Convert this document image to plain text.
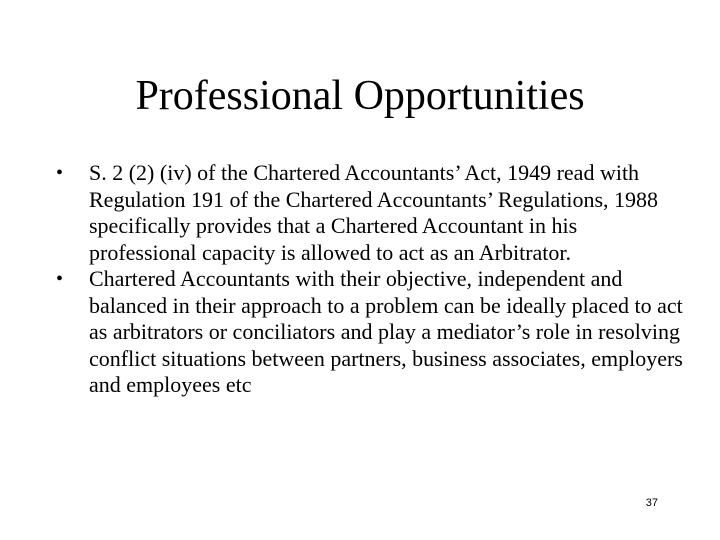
Professional Opportunities
• S. 2 (2) (iv) of the Chartered Accountants’ Act, 1949 read with Regulation 191 of the Chartered Accountants’ Regulations, 1988 specifically provides that a Chartered Accountant in his professional capacity is allowed to act as an Arbitrator.
• Chartered Accountants with their objective, independent and balanced in their approach to a problem can be ideally placed to act as arbitrators or conciliators and play a mediator’s role in resolving conflict situations between partners, business associates, employers and employees etc
37
